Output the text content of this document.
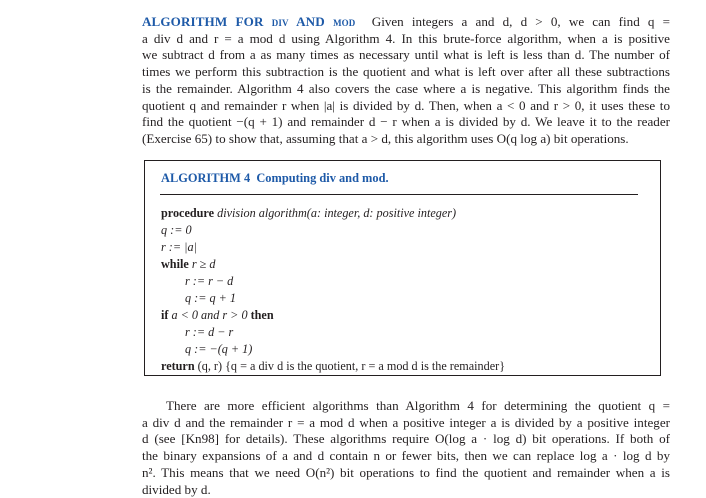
ALGORITHM FOR div AND mod Given integers a and d, d > 0, we can find q =
a div d and r = a mod d using Algorithm 4. In this brute-force algorithm, when a is positive
we subtract d from a as many times as necessary until what is left is less than d. The number of
times we perform this subtraction is the quotient and what is left over after all these subtractions
is the remainder. Algorithm 4 also covers the case where a is negative. This algorithm finds the
quotient q and remainder r when |a| is divided by d. Then, when a < 0 and r > 0, it uses these to
find the quotient −(q + 1) and remainder d − r when a is divided by d. We leave it to the reader
(Exercise 65) to show that, assuming that a > d, this algorithm uses O(q log a) bit operations.

ALGORITHM 4 Computing div and mod.
procedure division algorithm(a: integer, d: positive integer)
q := 0
r := |a|
while r ≥ d
r := r − d
q := q + 1
if a < 0 and r > 0 then
r := d − r
q := −(q + 1)
return (q, r) {q = a div d is the quotient, r = a mod d is the remainder}

There are more efficient algorithms than Algorithm 4 for determining the quotient q =
a div d and the remainder r = a mod d when a positive integer a is divided by a positive integer
d (see [Kn98] for details). These algorithms require O(log a · log d) bit operations. If both of
the binary expansions of a and d contain n or fewer bits, then we can replace log a · log d by
n². This means that we need O(n²) bit operations to find the quotient and remainder when a is
divided by d.
